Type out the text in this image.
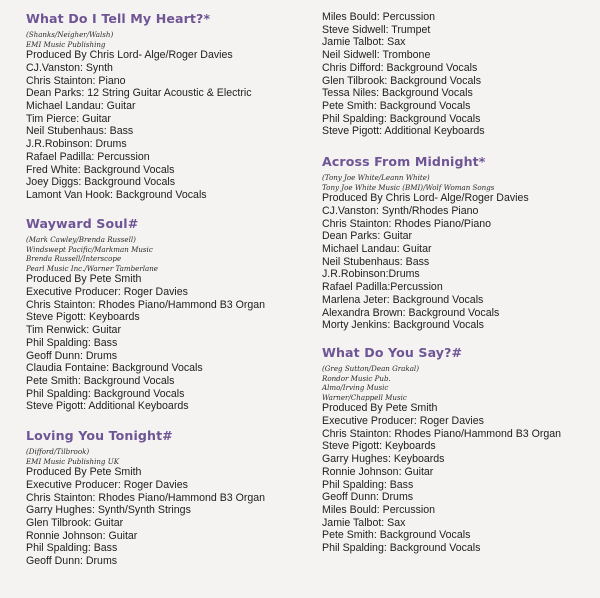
What Do I Tell My Heart?*
(Shanks/Neigher/Walsh)
EMI Music Publishing
Produced By Chris Lord- Alge/Roger Davies
CJ.Vanston: Synth
Chris Stainton: Piano
Dean Parks: 12 String Guitar Acoustic & Electric
Michael Landau: Guitar
Tim Pierce: Guitar
Neil Stubenhaus: Bass
J.R.Robinson: Drums
Rafael Padilla: Percussion
Fred White: Background Vocals
Joey Diggs: Background Vocals
Lamont Van Hook: Background Vocals
Wayward Soul#
(Mark Cawley/Brenda Russell)
Windswept Pacific/Markman Music
Brenda Russell/Interscope
Pearl Music Inc./Warner Tamberlane
Produced By Pete Smith
Executive Producer: Roger Davies
Chris Stainton: Rhodes Piano/Hammond B3 Organ
Steve Pigott: Keyboards
Tim Renwick: Guitar
Phil Spalding: Bass
Geoff Dunn: Drums
Claudia Fontaine: Background Vocals
Pete Smith: Background Vocals
Phil Spalding: Background Vocals
Steve Pigott: Additional Keyboards
Loving You Tonight#
(Difford/Tilbrook)
EMI Music Publishing UK
Produced By Pete Smith
Executive Producer: Roger Davies
Chris Stainton: Rhodes Piano/Hammond B3 Organ
Garry Hughes: Synth/Synth Strings
Glen Tilbrook: Guitar
Ronnie Johnson: Guitar
Phil Spalding: Bass
Geoff Dunn: Drums
Miles Bould: Percussion
Steve Sidwell: Trumpet
Jamie Talbot: Sax
Neil Sidwell: Trombone
Chris Difford: Background Vocals
Glen Tilbrook: Background Vocals
Tessa Niles: Background Vocals
Pete Smith: Background Vocals
Phil Spalding: Background Vocals
Steve Pigott: Additional Keyboards
Across From Midnight*
(Tony Joe White/Leann White)
Tony Joe White Music (BMI)/Wolf Woman Songs
Produced By Chris Lord- Alge/Roger Davies
CJ.Vanston: Synth/Rhodes Piano
Chris Stainton: Rhodes Piano/Piano
Dean Parks: Guitar
Michael Landau: Guitar
Neil Stubenhaus: Bass
J.R.Robinson:Drums
Rafael Padilla:Percussion
Marlena Jeter: Background Vocals
Alexandra Brown: Background Vocals
Morty Jenkins: Background Vocals
What Do You Say?#
(Greg Sutton/Dean Grakal)
Rondor Music Pub.
Almo/Irving Music
Warner/Chappell Music
Produced By Pete Smith
Executive Producer: Roger Davies
Chris Stainton: Rhodes Piano/Hammond B3 Organ
Steve Pigott: Keyboards
Garry Hughes: Keyboards
Ronnie Johnson: Guitar
Phil Spalding: Bass
Geoff Dunn: Drums
Miles Bould: Percussion
Jamie Talbot: Sax
Pete Smith: Background Vocals
Phil Spalding: Background Vocals
